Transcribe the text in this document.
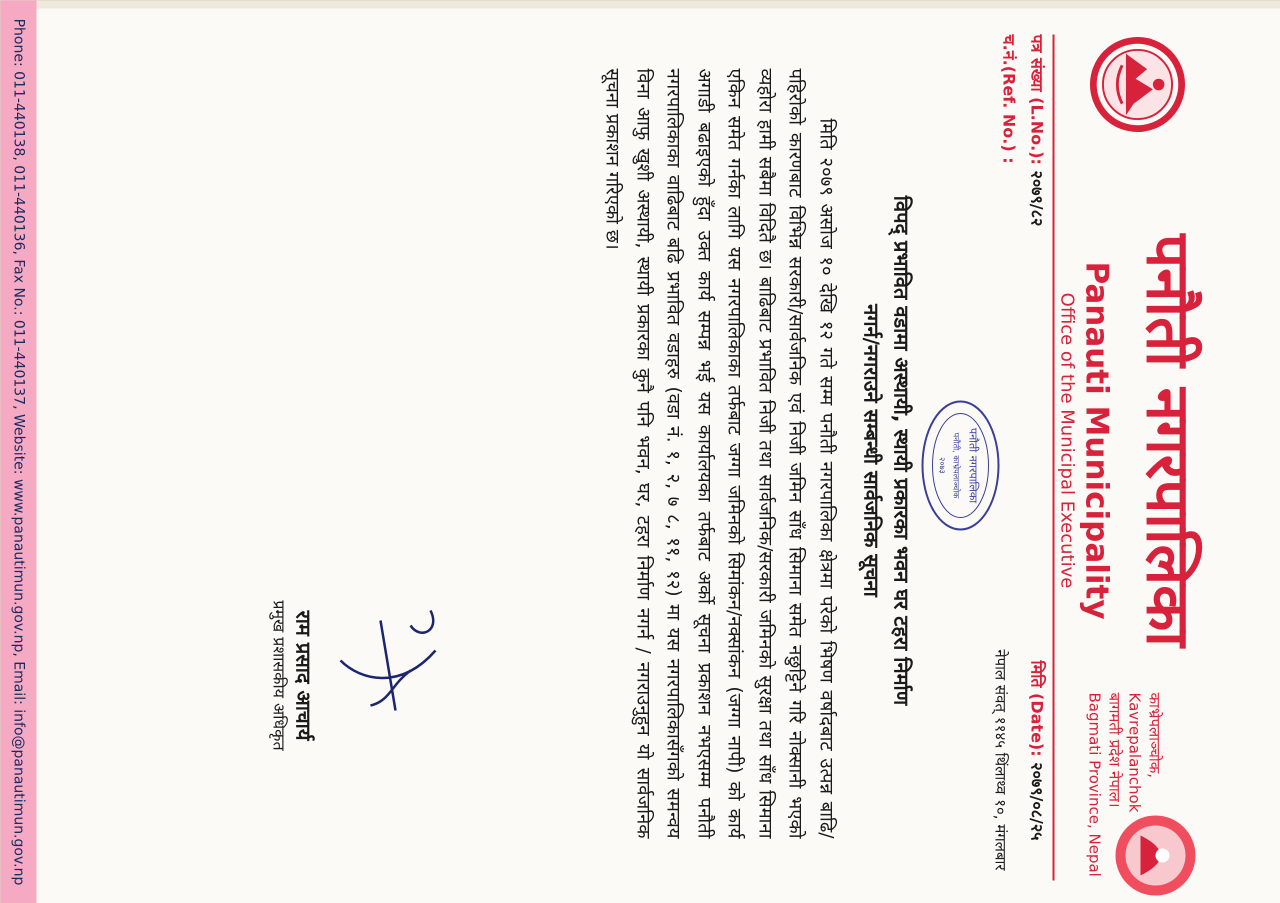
पनौती नगरपालिका
Panauti Municipality
Office of the Municipal Executive
काभ्रेपलाञ्चोक, Kavrepalanchok
बागमती प्रदेश नेपाल।
Bagmati Province, Nepal
पत्र संख्या (L.No.): २०७९/८२
च.नं.(Ref. No.) :
मिति (Date): २०७९/०८/२५
नेपाल संवत् ११४५ थिंलाथ्व १०, मंगलबार
पनौती नगरपालिका
पनौती, काभ्रेपलाञ्चोक
२०७३
विपद् प्रभावित वडामा अस्थायी, स्थायी प्रकारका भवन घर टहरा निर्माण
नगर्न/नगराउने सम्बन्धी सार्वजनिक सूचना
मिति २०७९ असोज १० देखि १२ गते सम्म पनौती नगरपालिका क्षेत्रमा परेको भिषण वर्षादबाट उत्पन्न बाढि/पहिरोको कारणबाट विभिन्न सरकारी/सार्वजनिक एवं निजी जमिन साँध सिमाना समेत नछुट्टिने गरि नोक्सानी भएको व्यहोरा हामी सबैमा विदितै छ। बाढिबाट प्रभावित निजी तथा सार्वजनिक/सरकारी जमिनको सुरक्षा तथा साँध सिमाना एकिन समेत गर्नका लागि यस नगरपालिकाका तर्फबाट जग्गा जमिनको सिमांकन/नक्सांकन (जग्गा नापी) को कार्य अगाडी बढाइएको हुँदा उक्त कार्य सम्पन्न भई यस कार्यालयका तर्फबाट अर्को सूचना प्रकाशन नभएसम्म पनौती नगरपालिकाका वाढिबाट बढि प्रभावित वडाहरु (वडा नं. १, २, ७ ८, ११, १२) मा यस नगरपालिकासँगको समन्वय विना आफु खुशी अस्थायी, स्थायी प्रकारका कुनै पनि भवन, घर, टहरा निर्माण नगर्न / नगराउनुहुन यो सार्वजनिक सूचना प्रकाशन गरिएको छ।
राम प्रसाद आचार्य
प्रमुख प्रशासकीय अधिकृत
Phone: 011-440138, 011-440136, Fax No.: 011-440137, Website: www.panautimun.gov.np, Email: info@panautimun.gov.np
